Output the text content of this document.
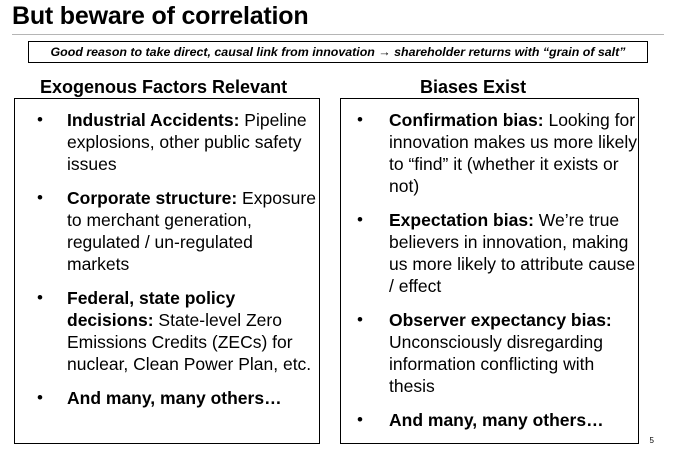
But beware of correlation
Good reason to take direct, causal link from innovation → shareholder returns with “grain of salt”
Exogenous Factors Relevant	Biases Exist
• Industrial Accidents: Pipeline explosions, other public safety issues
• Corporate structure: Exposure to merchant generation, regulated / un-regulated markets
• Federal, state policy decisions: State-level Zero Emissions Credits (ZECs) for nuclear, Clean Power Plan, etc.
• And many, many others…
• Confirmation bias: Looking for innovation makes us more likely to “find” it (whether it exists or not)
• Expectation bias: We’re true believers in innovation, making us more likely to attribute cause / effect
• Observer expectancy bias: Unconsciously disregarding information conflicting with thesis
• And many, many others…
5
